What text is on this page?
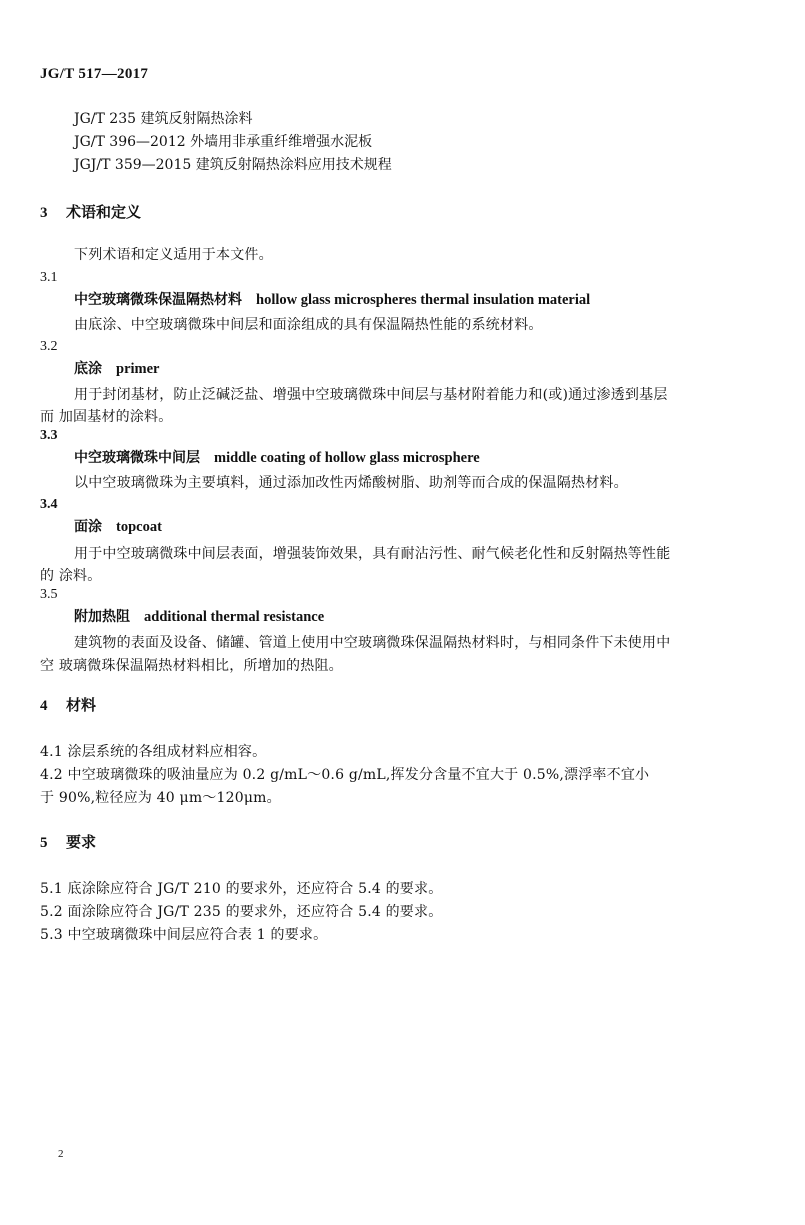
JG/T 517—2017
JG/T 235 建筑反射隔热涂料
JG/T 396—2012 外墙用非承重纤维增强水泥板
JGJ/T 359—2015 建筑反射隔热涂料应用技术规程
3 术语和定义
下列术语和定义适用于本文件。
3.1
中空玻璃微珠保温隔热材料 hollow glass microspheres thermal insulation material
由底涂、中空玻璃微珠中间层和面涂组成的具有保温隔热性能的系统材料。
3.2
底涂 primer
用于封闭基材，防止泛碱泛盐、增强中空玻璃微珠中间层与基材附着能力和(或)通过渗透到基层
而 加固基材的涂料。
3.3
中空玻璃微珠中间层 middle coating of hollow glass microsphere
以中空玻璃微珠为主要填料，通过添加改性丙烯酸树脂、助剂等而合成的保温隔热材料。
3.4
面涂 topcoat
用于中空玻璃微珠中间层表面，增强装饰效果，具有耐沾污性、耐气候老化性和反射隔热等性能
的 涂料。
3.5
附加热阻 additional thermal resistance
建筑物的表面及设备、储罐、管道上使用中空玻璃微珠保温隔热材料时，与相同条件下未使用中
空 玻璃微珠保温隔热材料相比，所增加的热阻。
4 材料
4.1 涂层系统的各组成材料应相容。
4.2 中空玻璃微珠的吸油量应为 0.2 g/mL～0.6 g/mL,挥发分含量不宜大于 0.5%,漂浮率不宜小
于 90%,粒径应为 40 μm～120μm。
5 要求
5.1 底涂除应符合 JG/T 210 的要求外，还应符合 5.4 的要求。
5.2 面涂除应符合 JG/T 235 的要求外，还应符合 5.4 的要求。
5.3 中空玻璃微珠中间层应符合表 1 的要求。
2
